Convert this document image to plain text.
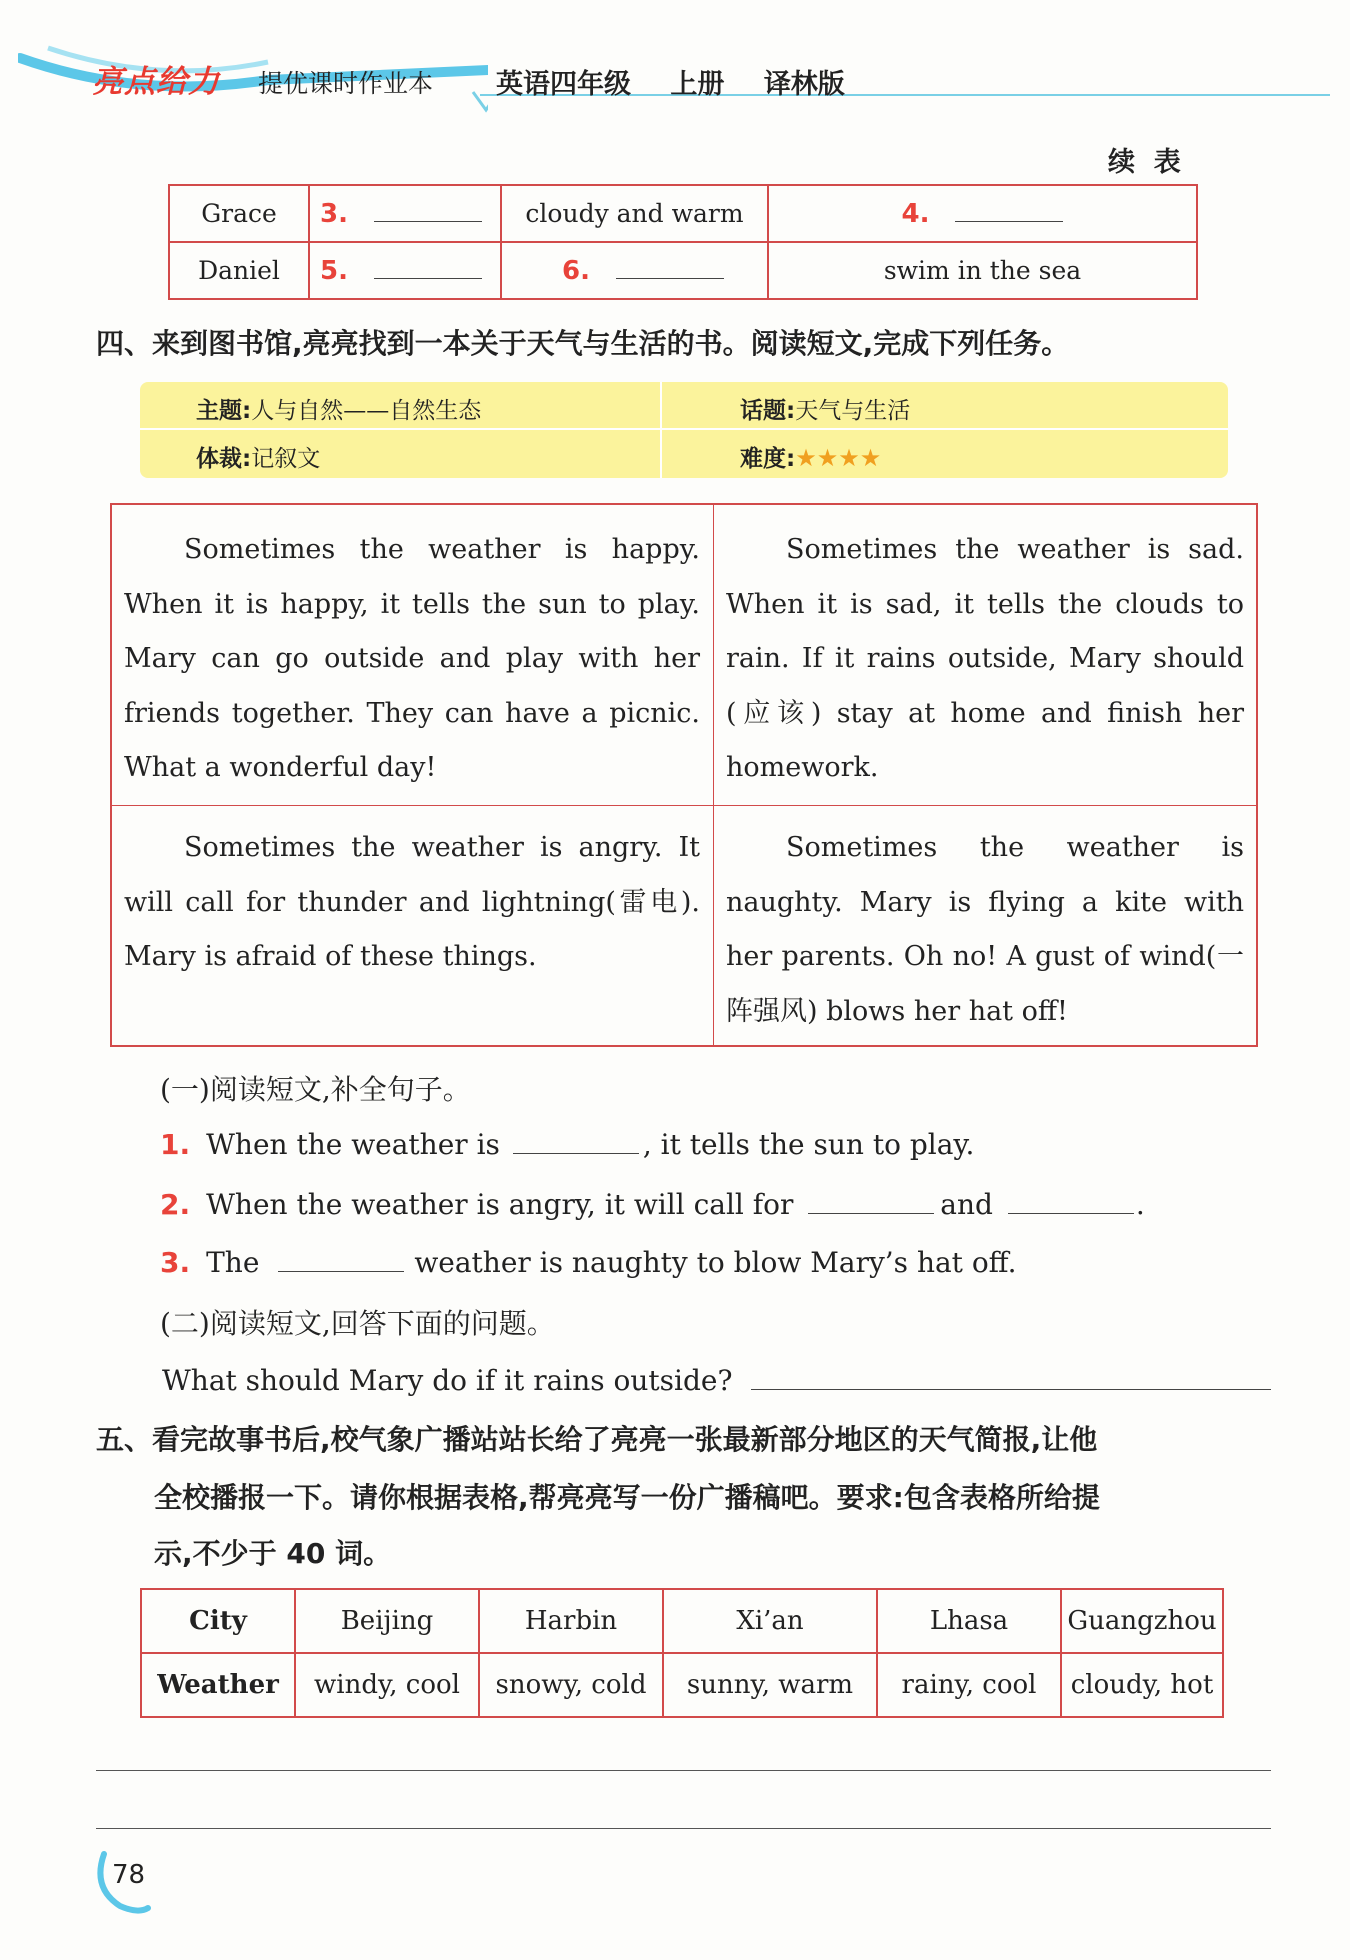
亮点给力 提优课时作业本 英语四年级 上册 译林版
续  表
Grace	3.	cloudy and warm	4.
Daniel	5.	6.	swim in the sea
四、来到图书馆,亮亮找到一本关于天气与生活的书。阅读短文,完成下列任务。
主题:人与自然——自然生态	话题:天气与生活
体裁:记叙文	难度:★★★★

Sometimes the weather is happy. When it is happy, it tells the sun to play. Mary can go outside and play with her friends together. They can have a picnic. What a wonderful day!

Sometimes the weather is sad. When it is sad, it tells the clouds to rain. If it rains outside, Mary should (应该) stay at home and finish her homework.

Sometimes the weather is angry. It will call for thunder and lightning(雷电). Mary is afraid of these things.

Sometimes the weather is naughty. Mary is flying a kite with her parents. Oh no! A gust of wind(一阵强风) blows her hat off!

(一)阅读短文,补全句子。
1. When the weather is	, it tells the sun to play.
2. When the weather is angry, it will call for	and	.
3. The	weather is naughty to blow Mary’s hat off.
(二)阅读短文,回答下面的问题。
What should Mary do if it rains outside?
五、看完故事书后,校气象广播站站长给了亮亮一张最新部分地区的天气简报,让他
全校播报一下。请你根据表格,帮亮亮写一份广播稿吧。要求:包含表格所给提
示,不少于 40 词。
City	Beijing	Harbin	Xi’an	Lhasa	Guangzhou
Weather	windy, cool	snowy, cold	sunny, warm	rainy, cool	cloudy, hot
78
